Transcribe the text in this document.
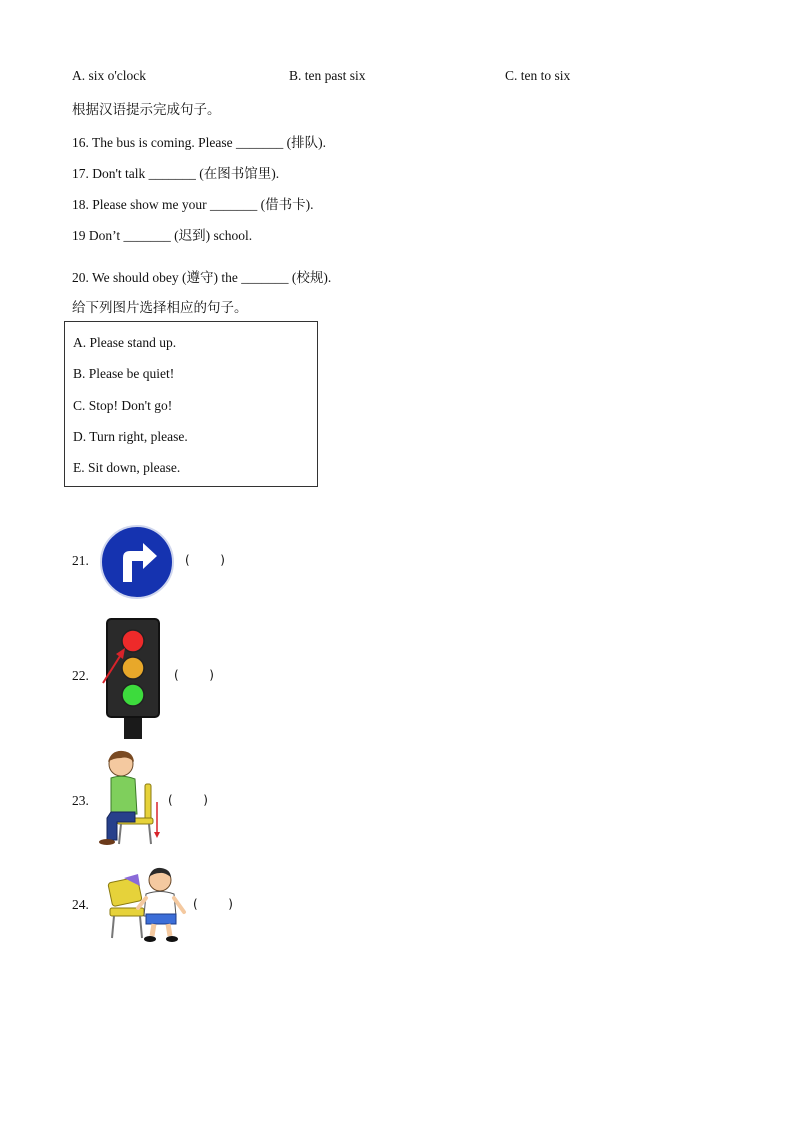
A. six o'clock	B. ten past six	C. ten to six
根据汉语提示完成句子。
16. The bus is coming. Please _______ (排队).
17. Don't talk _______ (在图书馆里).
18. Please show me your _______ (借书卡).
19 Don’t _______ (迟到) school.
20. We should obey (遵守) the _______ (校规).
给下列图片选择相应的句子。
A. Please stand up.
B. Please be quiet!
C. Stop! Don't go!
D. Turn right, please.
E. Sit down, please.
21.	(        )
22.	(        )
23.	(        )
24.	(        )
